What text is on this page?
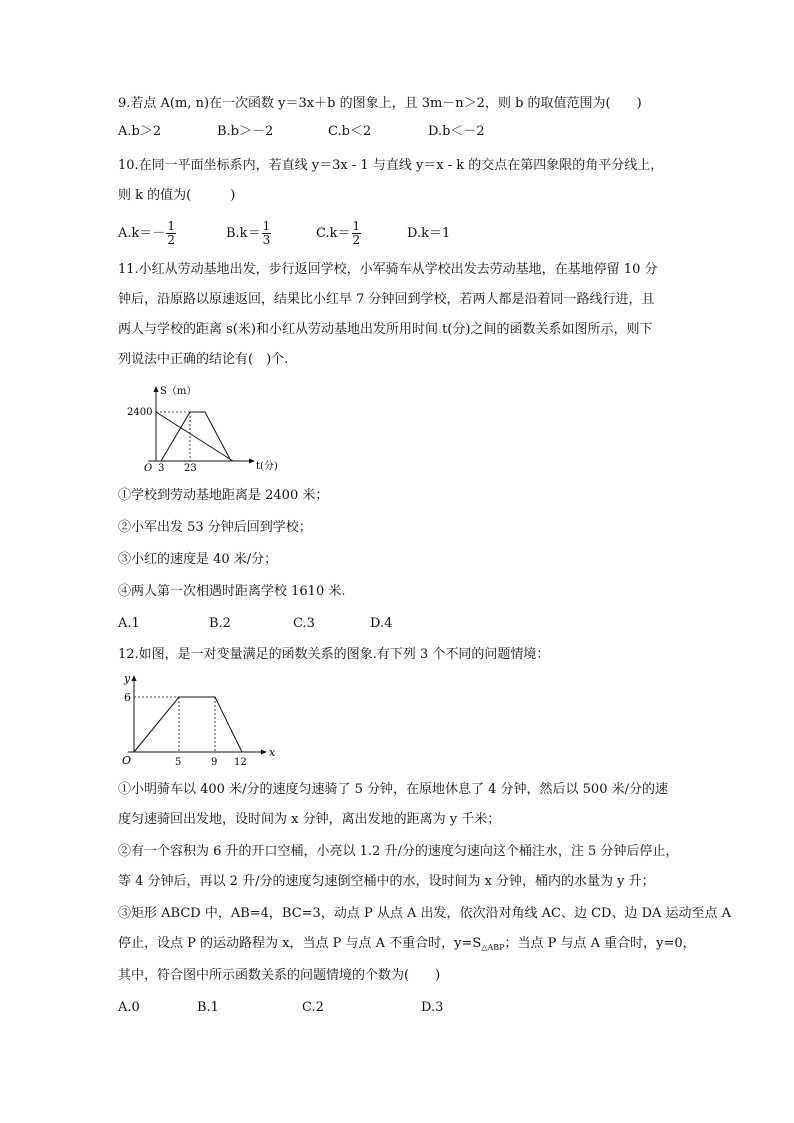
9.若点 A(m, n)在一次函数 y＝3x＋b 的图象上，且 3m－n＞2，则 b 的取值范围为(　　)
A.b＞2	B.b＞－2	C.b＜2	D.b＜－2
10.在同一平面坐标系内，若直线 y＝3x - 1 与直线 y＝x - k 的交点在第四象限的角平分线上，
则 k 的值为(　　　)
$A.k=- \frac{1}{2}$	$B.k= \frac{1}{3}$	$C.k= \frac{1}{2}$	D.k＝1
11.小红从劳动基地出发，步行返回学校，小军骑车从学校出发去劳动基地，在基地停留 10 分
钟后，沿原路以原速返回，结果比小红早 7 分钟回到学校，若两人都是沿着同一路线行进，且
两人与学校的距离 s(米)和小红从劳动基地出发所用时间 t(分)之间的函数关系如图所示，则下
列说法中正确的结论有(　)个.
S（m）
2400
O 3 23	t(分)
①学校到劳动基地距离是 2400 米；
②小军出发 53 分钟后回到学校；
③小红的速度是 40 米/分；
④两人第一次相遇时距离学校 1610 米.
A.1	B.2	C.3	D.4
12.如图，是一对变量满足的函数关系的图象.有下列 3 个不同的问题情境：
y
6
O	5	9 12
x
①小明骑车以 400 米/分的速度匀速骑了 5 分钟，在原地休息了 4 分钟，然后以 500 米/分的速
度匀速骑回出发地，设时间为 x 分钟，离出发地的距离为 y 千米；
②有一个容积为 6 升的开口空桶，小亮以 1.2 升/分的速度匀速向这个桶注水，注 5 分钟后停止，
等 4 分钟后，再以 2 升/分的速度匀速倒空桶中的水，设时间为 x 分钟，桶内的水量为 y 升；
③矩形 ABCD 中，AB=4，BC=3，动点 P 从点 A 出发，依次沿对角线 AC、边 CD、边 DA 运动至点 A
停止，设点 P 的运动路程为 x，当点 P 与点 A 不重合时，$y=S_{\triangle ABP}$；当点 P 与点 A 重合时，y=0，
其中，符合图中所示函数关系的问题情境的个数为(　　)
A.0	B.1	C.2	D.3
